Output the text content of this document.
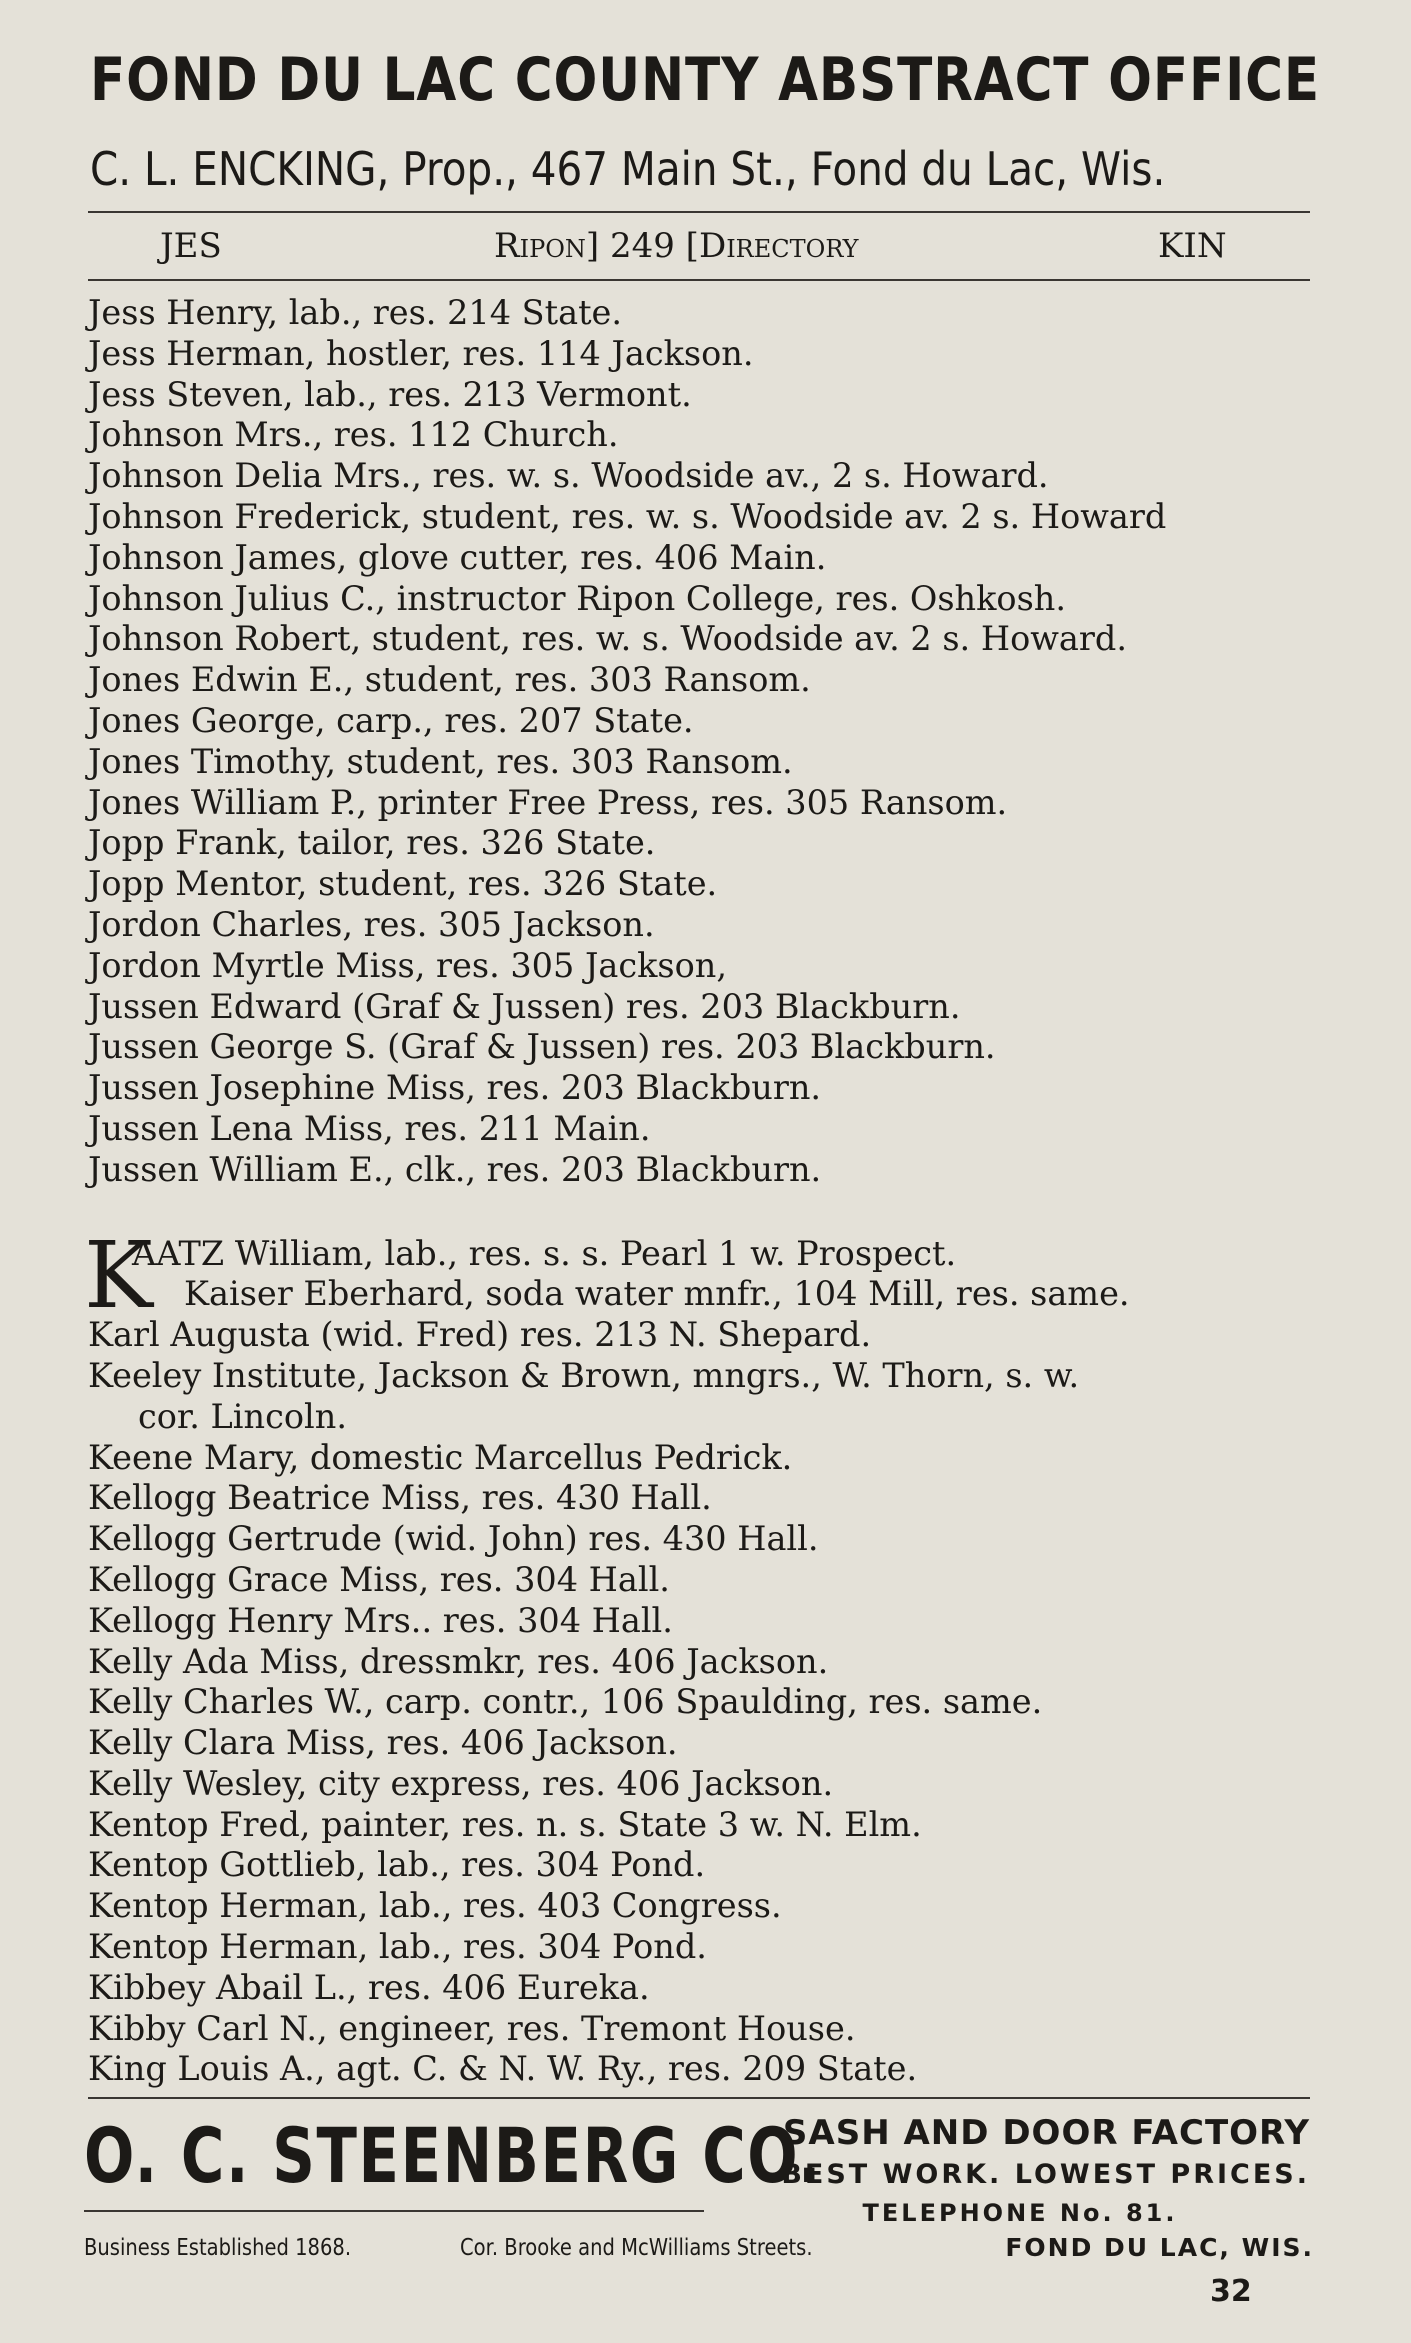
FOND DU LAC COUNTY ABSTRACT OFFICE
C. L. ENCKING, Prop., 467 Main St., Fond du Lac, Wis.
JES	Ripon] 249 [Directory	KIN
Jess Henry, lab., res. 214 State.
Jess Herman, hostler, res. 114 Jackson.
Jess Steven, lab., res. 213 Vermont.
Johnson Mrs., res. 112 Church.
Johnson Delia Mrs., res. w. s. Woodside av., 2 s. Howard.
Johnson Frederick, student, res. w. s. Woodside av. 2 s. Howard
Johnson James, glove cutter, res. 406 Main.
Johnson Julius C., instructor Ripon College, res. Oshkosh.
Johnson Robert, student, res. w. s. Woodside av. 2 s. Howard.
Jones Edwin E., student, res. 303 Ransom.
Jones George, carp., res. 207 State.
Jones Timothy, student, res. 303 Ransom.
Jones William P., printer Free Press, res. 305 Ransom.
Jopp Frank, tailor, res. 326 State.
Jopp Mentor, student, res. 326 State.
Jordon Charles, res. 305 Jackson.
Jordon Myrtle Miss, res. 305 Jackson,
Jussen Edward (Graf & Jussen) res. 203 Blackburn.
Jussen George S. (Graf & Jussen) res. 203 Blackburn.
Jussen Josephine Miss, res. 203 Blackburn.
Jussen Lena Miss, res. 211 Main.
Jussen William E., clk., res. 203 Blackburn.
K
AATZ William, lab., res. s. s. Pearl 1 w. Prospect.
Kaiser Eberhard, soda water mnfr., 104 Mill, res. same.
Karl Augusta (wid. Fred) res. 213 N. Shepard.
Keeley Institute, Jackson & Brown, mngrs., W. Thorn, s. w.
cor. Lincoln.
Keene Mary, domestic Marcellus Pedrick.
Kellogg Beatrice Miss, res. 430 Hall.
Kellogg Gertrude (wid. John) res. 430 Hall.
Kellogg Grace Miss, res. 304 Hall.
Kellogg Henry Mrs.. res. 304 Hall.
Kelly Ada Miss, dressmkr, res. 406 Jackson.
Kelly Charles W., carp. contr., 106 Spaulding, res. same.
Kelly Clara Miss, res. 406 Jackson.
Kelly Wesley, city express, res. 406 Jackson.
Kentop Fred, painter, res. n. s. State 3 w. N. Elm.
Kentop Gottlieb, lab., res. 304 Pond.
Kentop Herman, lab., res. 403 Congress.
Kentop Herman, lab., res. 304 Pond.
Kibbey Abail L., res. 406 Eureka.
Kibby Carl N., engineer, res. Tremont House.
King Louis A., agt. C. & N. W. Ry., res. 209 State.
O. C. STEENBERG CO.
SASH AND DOOR FACTORY
BEST WORK. LOWEST PRICES.
TELEPHONE No. 81.
Business Established 1868.	Cor. Brooke and McWilliams Streets.	FOND DU LAC, WIS.
32
